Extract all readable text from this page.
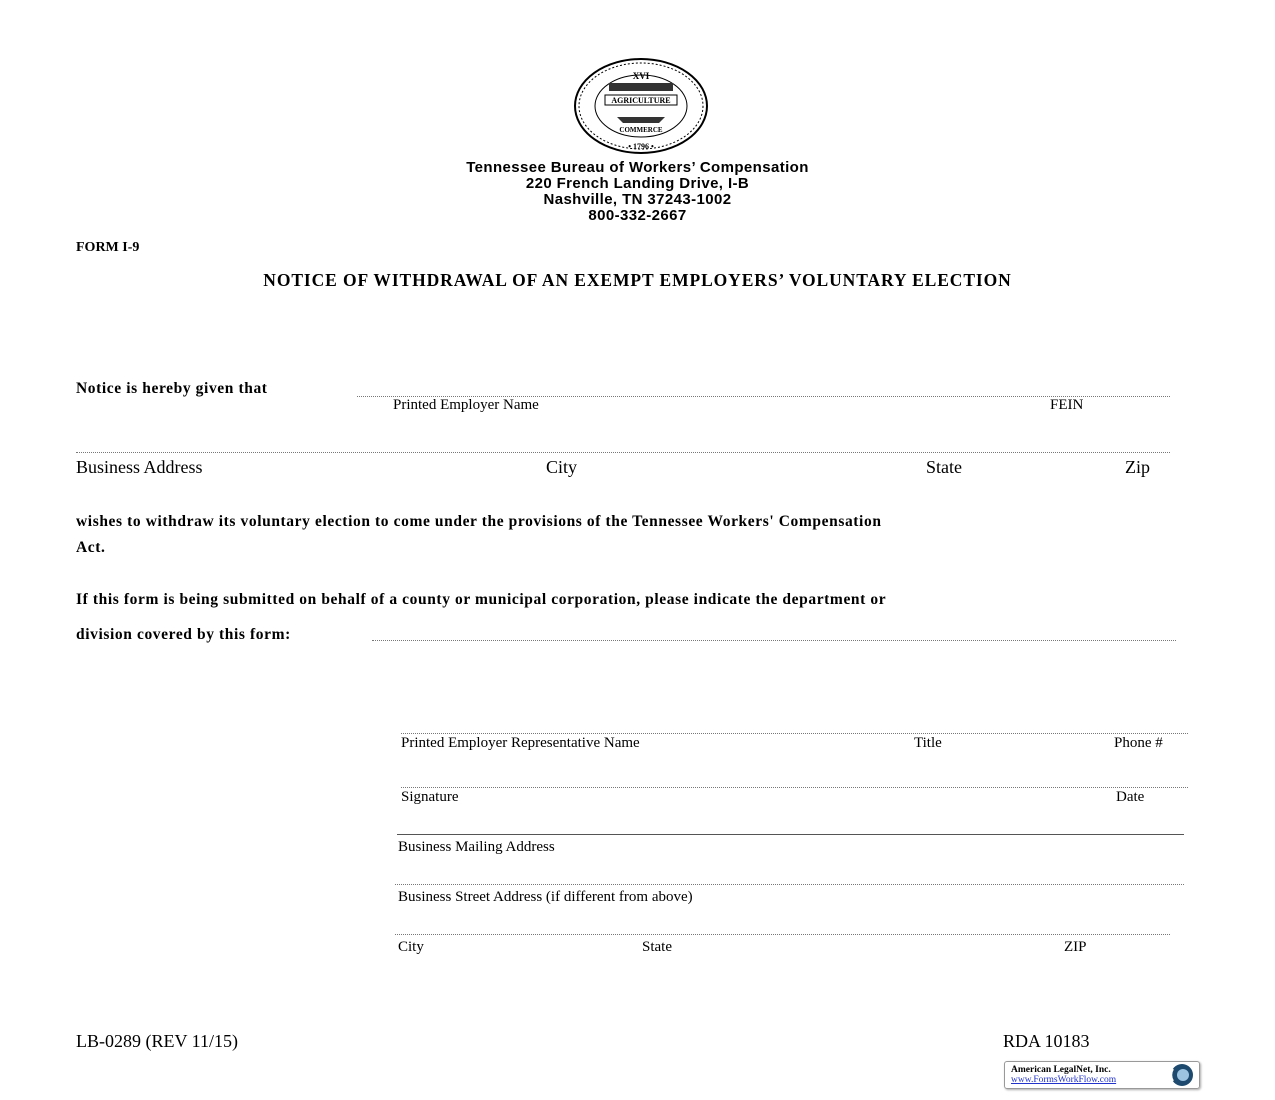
XVI
AGRICULTURE
COMMERCE
• 1796 •
Tennessee Bureau of Workers’ Compensation
220 French Landing Drive, I-B
Nashville, TN 37243-1002
800-332-2667
FORM I-9
NOTICE OF WITHDRAWAL OF AN EXEMPT EMPLOYERS’ VOLUNTARY ELECTION
Notice is hereby given that
Printed Employer Name	FEIN
Business Address	City	State	Zip
wishes to withdraw its voluntary election to come under the provisions of the Tennessee Workers' Compensation
Act.
If this form is being submitted on behalf of a county or municipal corporation, please indicate the department or
division covered by this form:
Printed Employer Representative Name	Title	Phone #
Signature	Date
Business Mailing Address
Business Street Address (if different from above)
City	State	ZIP
LB-0289 (REV 11/15)	RDA 10183
American LegalNet, Inc.
www.FormsWorkFlow.com
